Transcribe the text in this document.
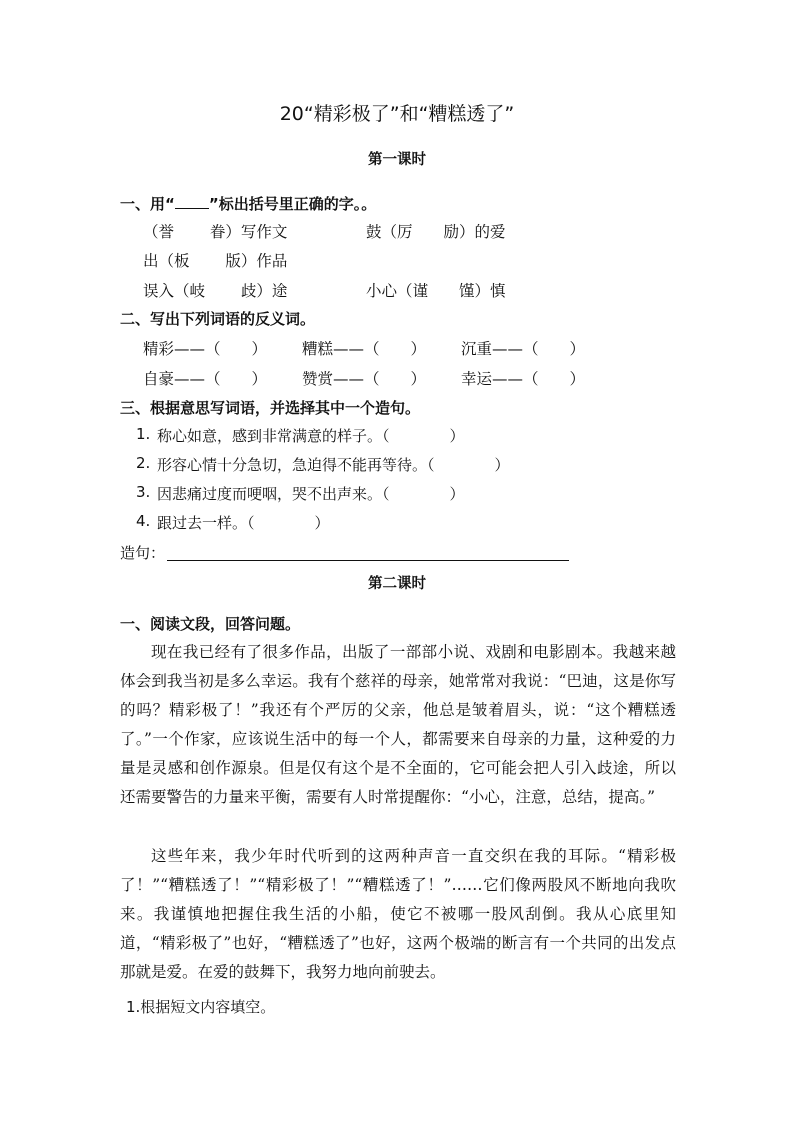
20“精彩极了”和“糟糕透了”
第一课时
一、用“ ”标出括号里正确的字。。
（誉　　 眷）写作文	鼓（厉　　励）的爱
出（板　　 版）作品
误入（岐　　 歧）途	小心（谨　　馑）慎
二、写出下列词语的反义词。
精彩——（　　） 糟糕——（　　） 沉重——（　　）
自豪——（　　） 赞赏——（　　） 幸运——（　　）
三、根据意思写词语，并选择其中一个造句。
1. 称心如意，感到非常满意的样子。（　　　　）
2. 形容心情十分急切，急迫得不能再等待。（　　　　）
3. 因悲痛过度而哽咽，哭不出声来。（　　　　）
4. 跟过去一样。（　　　　）
造句：
第二课时
一、阅读文段，回答问题。

现在我已经有了很多作品，出版了一部部小说、戏剧和电影剧本。我越来越体会到我当初是多么幸运。我有个慈祥的母亲，她常常对我说：“巴迪，这是你写的吗？精彩极了！”我还有个严厉的父亲，他总是皱着眉头，说：“这个糟糕透了。”一个作家，应该说生活中的每一个人，都需要来自母亲的力量，这种爱的力量是灵感和创作源泉。但是仅有这个是不全面的，它可能会把人引入歧途，所以还需要警告的力量来平衡，需要有人时常提醒你：“小心，注意，总结，提高。”

这些年来，我少年时代听到的这两种声音一直交织在我的耳际。“精彩极了！”“糟糕透了！”“精彩极了！”“糟糕透了！”……它们像两股风不断地向我吹来。我谨慎地把握住我生活的小船，使它不被哪一股风刮倒。我从心底里知道，“精彩极了”也好，“糟糕透了”也好，这两个极端的断言有一个共同的出发点那就是爱。在爱的鼓舞下，我努力地向前驶去。

1.根据短文内容填空。
